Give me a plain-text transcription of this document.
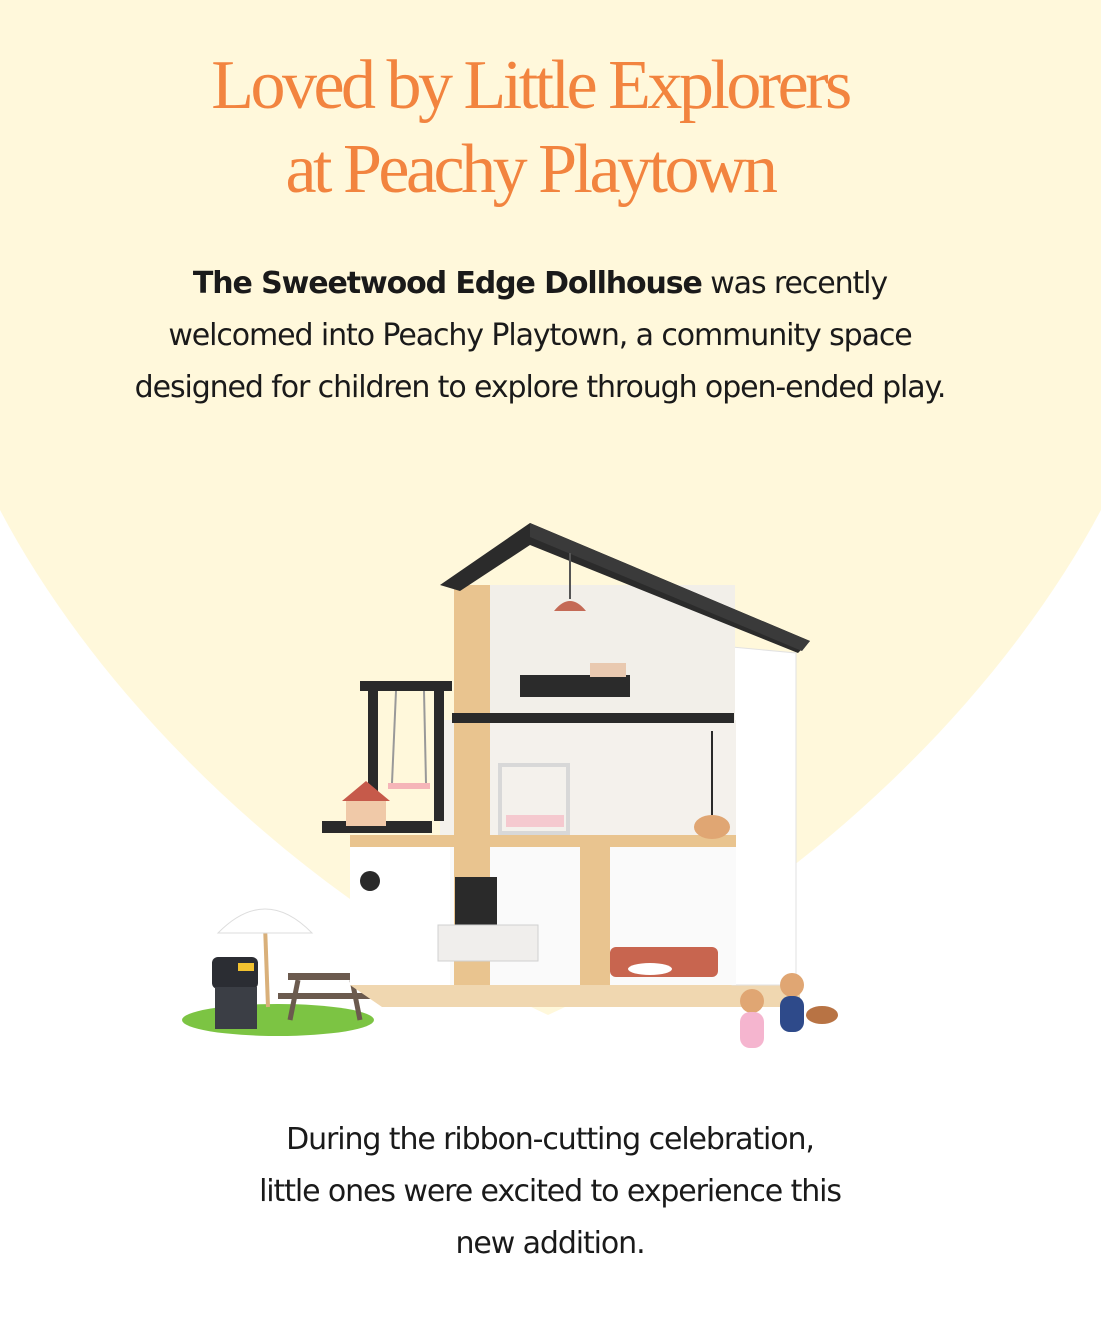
Loved by Little Explorers
at Peachy Playtown

The Sweetwood Edge Dollhouse was recently welcomed into Peachy Playtown, a community space designed for children to explore through open-ended play.

During the ribbon-cutting celebration,
little ones were excited to experience this
new addition.
